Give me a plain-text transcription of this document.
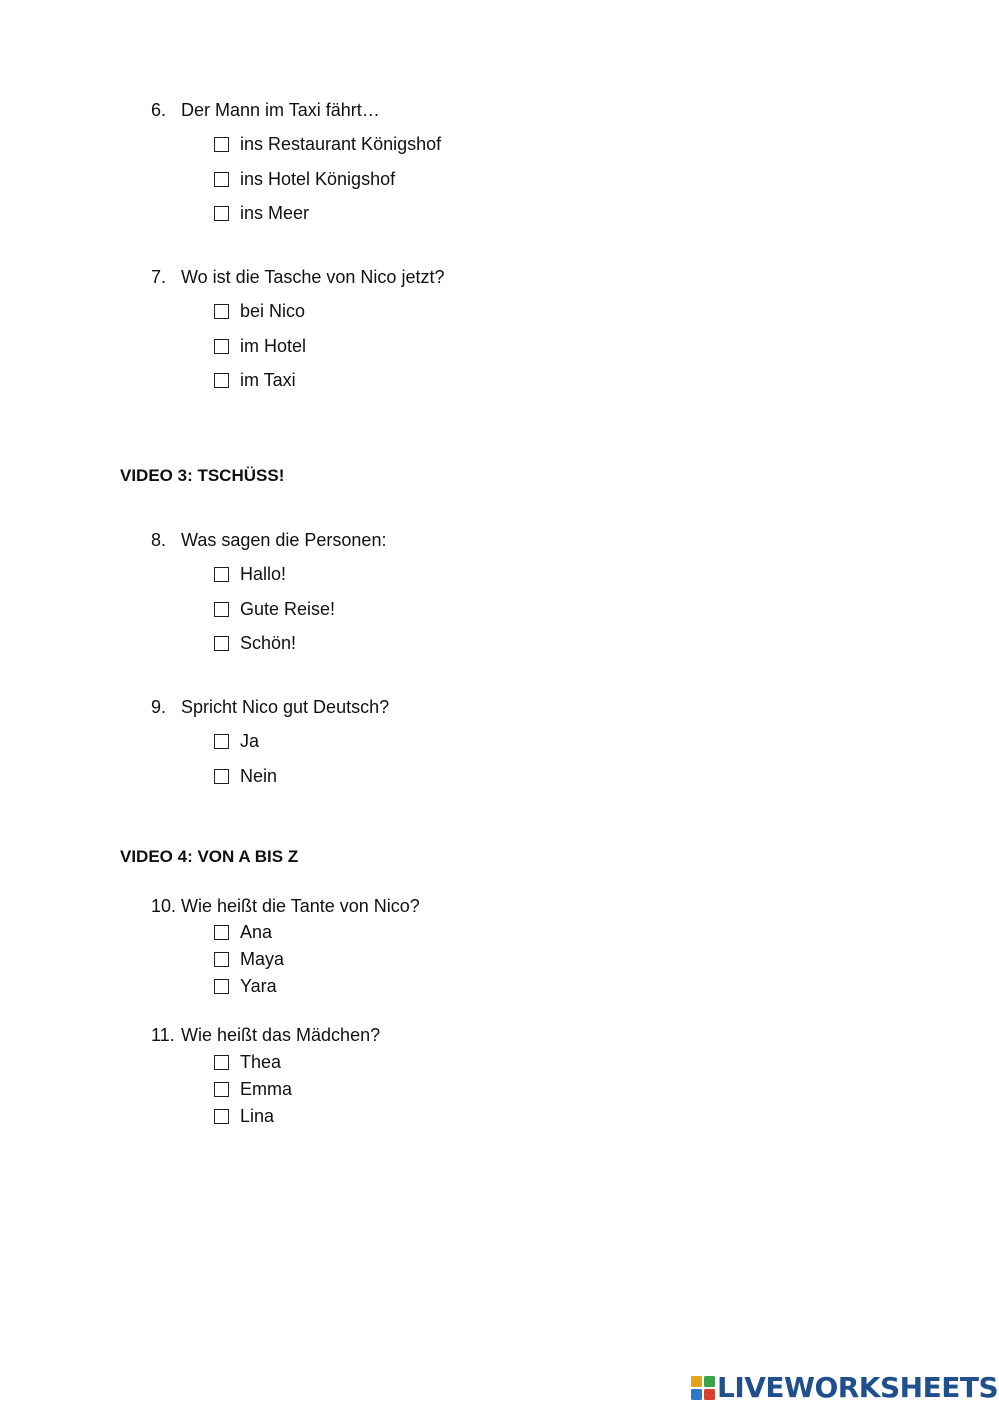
6. Der Mann im Taxi fährt…
ins Restaurant Königshof
ins Hotel Königshof
ins Meer
7. Wo ist die Tasche von Nico jetzt?
bei Nico
im Hotel
im Taxi
VIDEO 3: TSCHÜSS!
8. Was sagen die Personen:
Hallo!
Gute Reise!
Schön!
9. Spricht Nico gut Deutsch?
Ja
Nein
VIDEO 4: VON A BIS Z
10. Wie heißt die Tante von Nico?
Ana
Maya
Yara
11. Wie heißt das Mädchen?
Thea
Emma
Lina
LIVEWORKSHEETS
